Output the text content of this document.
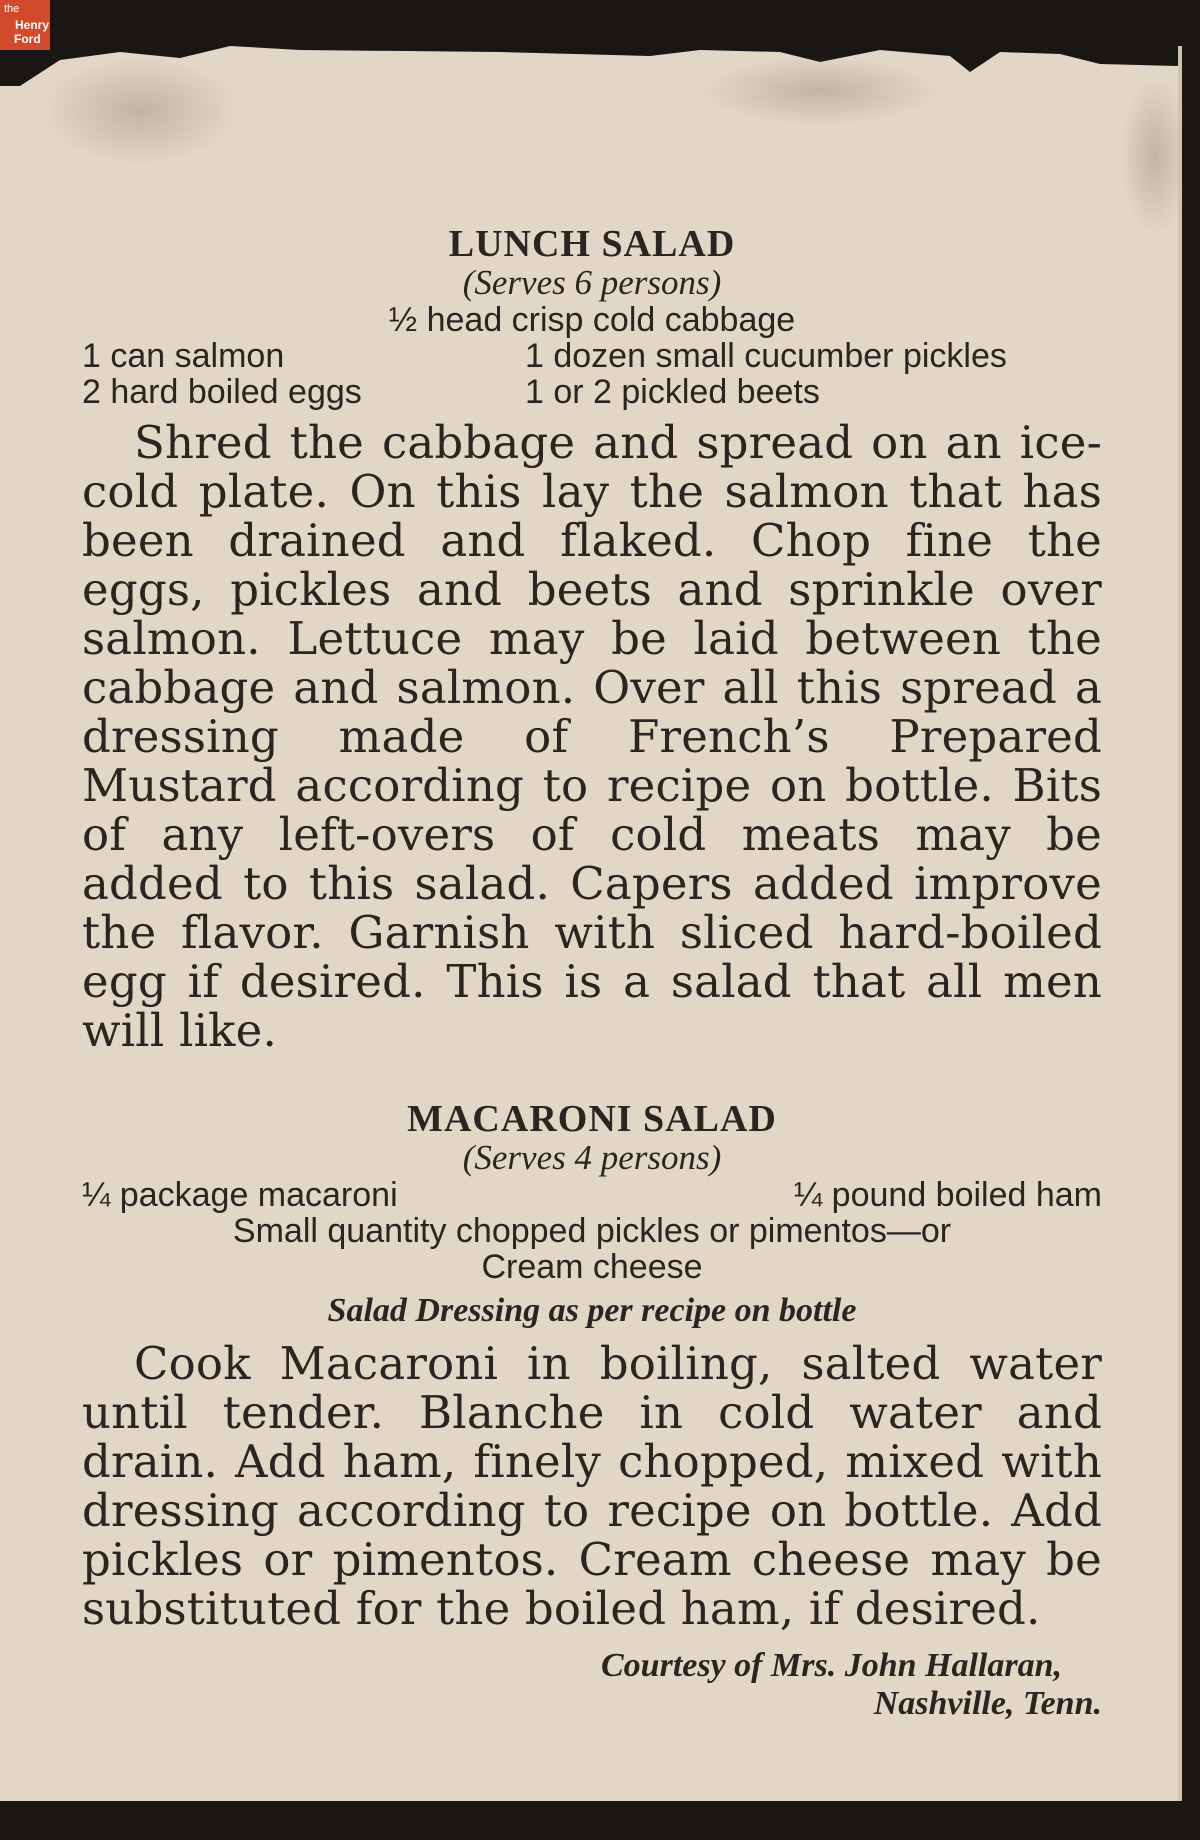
the
Henry
Ford
LUNCH SALAD

(Serves 6 persons)

½ head crisp cold cabbage

1 can salmon	1 dozen small cucumber pickles
2 hard boiled eggs	1 or 2 pickled beets

Shred the cabbage and spread on an ice-cold plate. On this lay the salmon that has been drained and flaked. Chop fine the eggs, pickles and beets and sprinkle over salmon. Lettuce may be laid between the cabbage and salmon. Over all this spread a dressing made of French’s Prepared Mustard according to recipe on bottle. Bits of any left-overs of cold meats may be added to this salad. Capers added improve the flavor. Garnish with sliced hard-boiled egg if desired. This is a salad that all men will like.

MACARONI SALAD

(Serves 4 persons)

¼ package macaroni	¼ pound boiled ham

Small quantity chopped pickles or pimentos—or

Cream cheese

Salad Dressing as per recipe on bottle

Cook Macaroni in boiling, salted water until tender. Blanche in cold water and drain. Add ham, finely chopped, mixed with dressing according to recipe on bottle. Add pickles or pimentos. Cream cheese may be substituted for the boiled ham, if desired.

Courtesy of Mrs. John Hallaran,
Nashville, Tenn.
